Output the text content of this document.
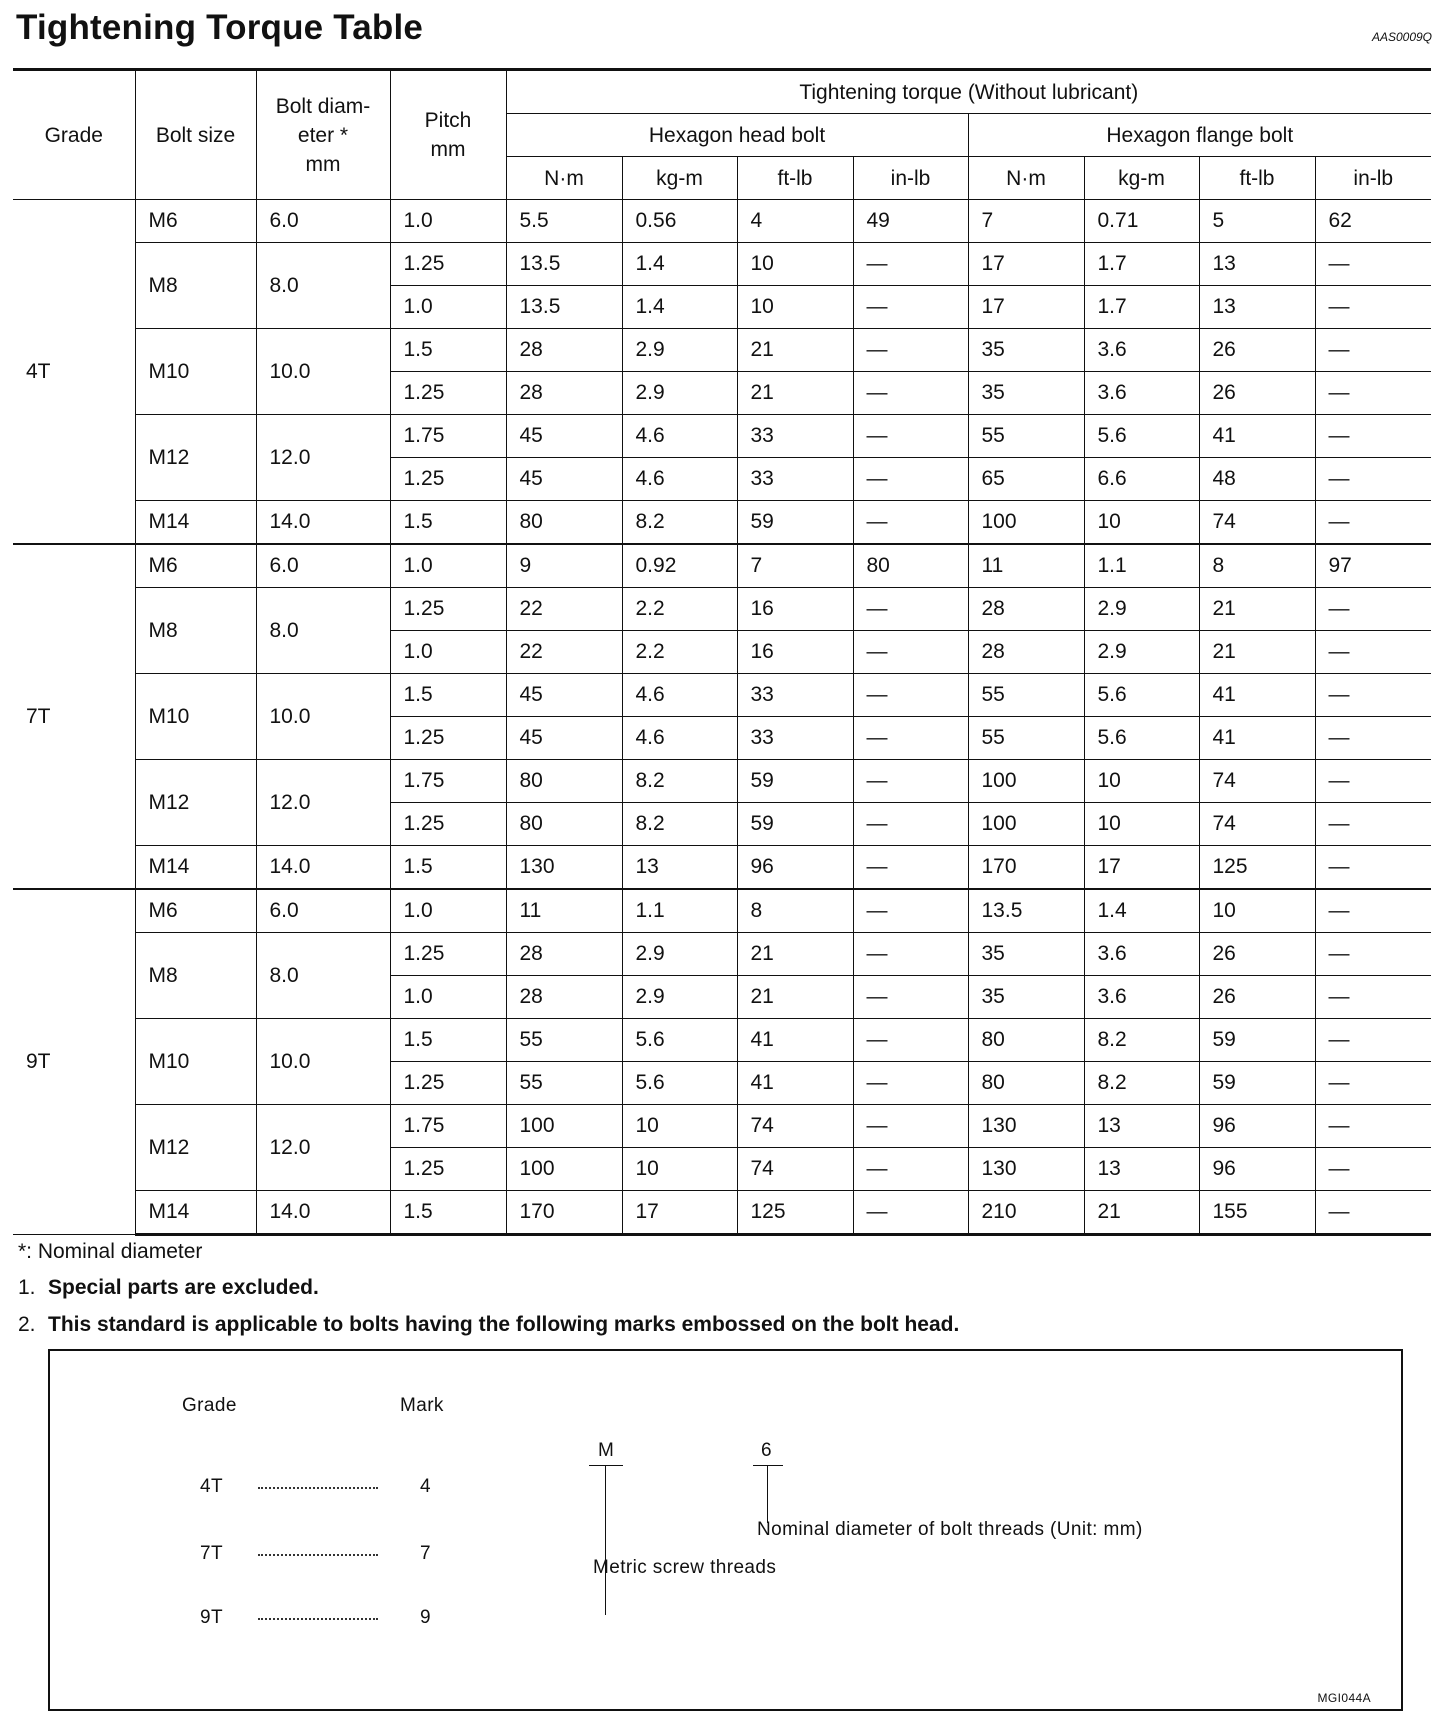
Tightening Torque Table	AAS0009Q
Grade	Bolt size	Bolt diam-
eter *
mm	Pitch
mm	Tightening torque (Without lubricant)							
				Hexagon head bolt				Hexagon flange bolt			
				N·m	kg-m	ft-lb	in-lb	N·m	kg-m	ft-lb	in-lb
4T	M6	6.0	1.0	5.5	0.56	4	49	7	0.71	5	62
	M8	8.0	1.25	13.5	1.4	10	—	17	1.7	13	—
			1.0	13.5	1.4	10	—	17	1.7	13	—
	M10	10.0	1.5	28	2.9	21	—	35	3.6	26	—
			1.25	28	2.9	21	—	35	3.6	26	—
	M12	12.0	1.75	45	4.6	33	—	55	5.6	41	—
			1.25	45	4.6	33	—	65	6.6	48	—
	M14	14.0	1.5	80	8.2	59	—	100	10	74	—
7T	M6	6.0	1.0	9	0.92	7	80	11	1.1	8	97
	M8	8.0	1.25	22	2.2	16	—	28	2.9	21	—
			1.0	22	2.2	16	—	28	2.9	21	—
	M10	10.0	1.5	45	4.6	33	—	55	5.6	41	—
			1.25	45	4.6	33	—	55	5.6	41	—
	M12	12.0	1.75	80	8.2	59	—	100	10	74	—
			1.25	80	8.2	59	—	100	10	74	—
	M14	14.0	1.5	130	13	96	—	170	17	125	—
9T	M6	6.0	1.0	11	1.1	8	—	13.5	1.4	10	—
	M8	8.0	1.25	28	2.9	21	—	35	3.6	26	—
			1.0	28	2.9	21	—	35	3.6	26	—
	M10	10.0	1.5	55	5.6	41	—	80	8.2	59	—
			1.25	55	5.6	41	—	80	8.2	59	—
	M12	12.0	1.75	100	10	74	—	130	13	96	—
			1.25	100	10	74	—	130	13	96	—
	M14	14.0	1.5	170	17	125	—	210	21	155	—
*: Nominal diameter
1. Special parts are excluded.
2. This standard is applicable to bolts having the following marks embossed on the bolt head.
Grade	Mark
4T	4
7T	7
9T	9
M
Metric screw threads
6
Nominal diameter of bolt threads (Unit: mm)
MGI044A
